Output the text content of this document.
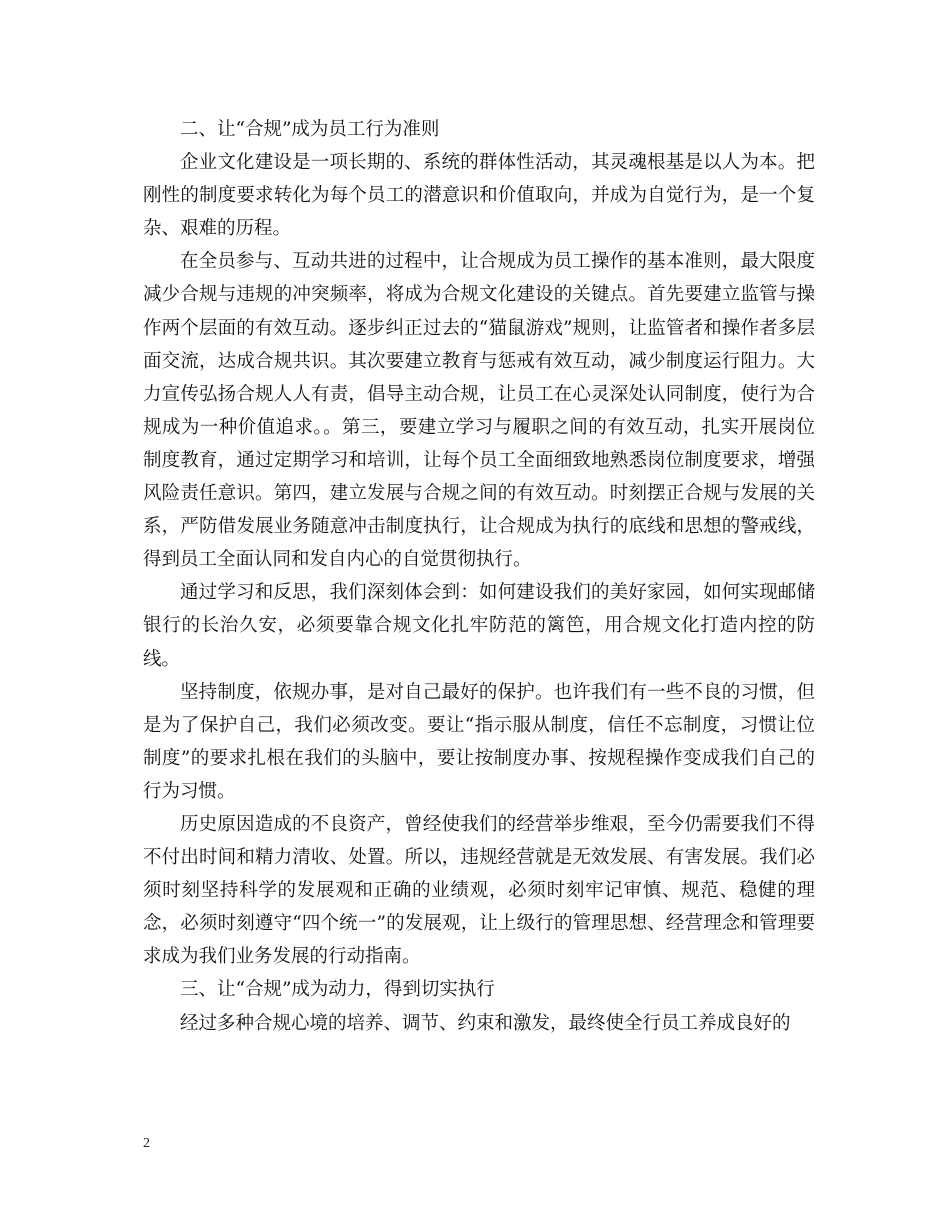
二、让“合规”成为员工行为准则

企业文化建设是一项长期的、系统的群体性活动，其灵魂根基是以人为本。把刚性的制度要求转化为每个员工的潜意识和价值取向，并成为自觉行为，是一个复杂、艰难的历程。

在全员参与、互动共进的过程中，让合规成为员工操作的基本准则，最大限度减少合规与违规的冲突频率，将成为合规文化建设的关键点。首先要建立监管与操作两个层面的有效互动。逐步纠正过去的“猫鼠游戏”规则，让监管者和操作者多层面交流，达成合规共识。其次要建立教育与惩戒有效互动，减少制度运行阻力。大力宣传弘扬合规人人有责，倡导主动合规，让员工在心灵深处认同制度，使行为合规成为一种价值追求。。第三，要建立学习与履职之间的有效互动，扎实开展岗位制度教育，通过定期学习和培训，让每个员工全面细致地熟悉岗位制度要求，增强风险责任意识。第四，建立发展与合规之间的有效互动。时刻摆正合规与发展的关系，严防借发展业务随意冲击制度执行，让合规成为执行的底线和思想的警戒线，得到员工全面认同和发自内心的自觉贯彻执行。

通过学习和反思，我们深刻体会到：如何建设我们的美好家园，如何实现邮储银行的长治久安，必须要靠合规文化扎牢防范的篱笆，用合规文化打造内控的防线。

坚持制度，依规办事，是对自己最好的保护。也许我们有一些不良的习惯，但是为了保护自己，我们必须改变。要让“指示服从制度，信任不忘制度，习惯让位制度”的要求扎根在我们的头脑中，要让按制度办事、按规程操作变成我们自己的行为习惯。

历史原因造成的不良资产，曾经使我们的经营举步维艰，至今仍需要我们不得不付出时间和精力清收、处置。所以，违规经营就是无效发展、有害发展。我们必须时刻坚持科学的发展观和正确的业绩观，必须时刻牢记审慎、规范、稳健的理念，必须时刻遵守“四个统一”的发展观，让上级行的管理思想、经营理念和管理要求成为我们业务发展的行动指南。

三、让“合规”成为动力，得到切实执行

经过多种合规心境的培养、调节、约束和激发，最终使全行员工养成良好的

2
